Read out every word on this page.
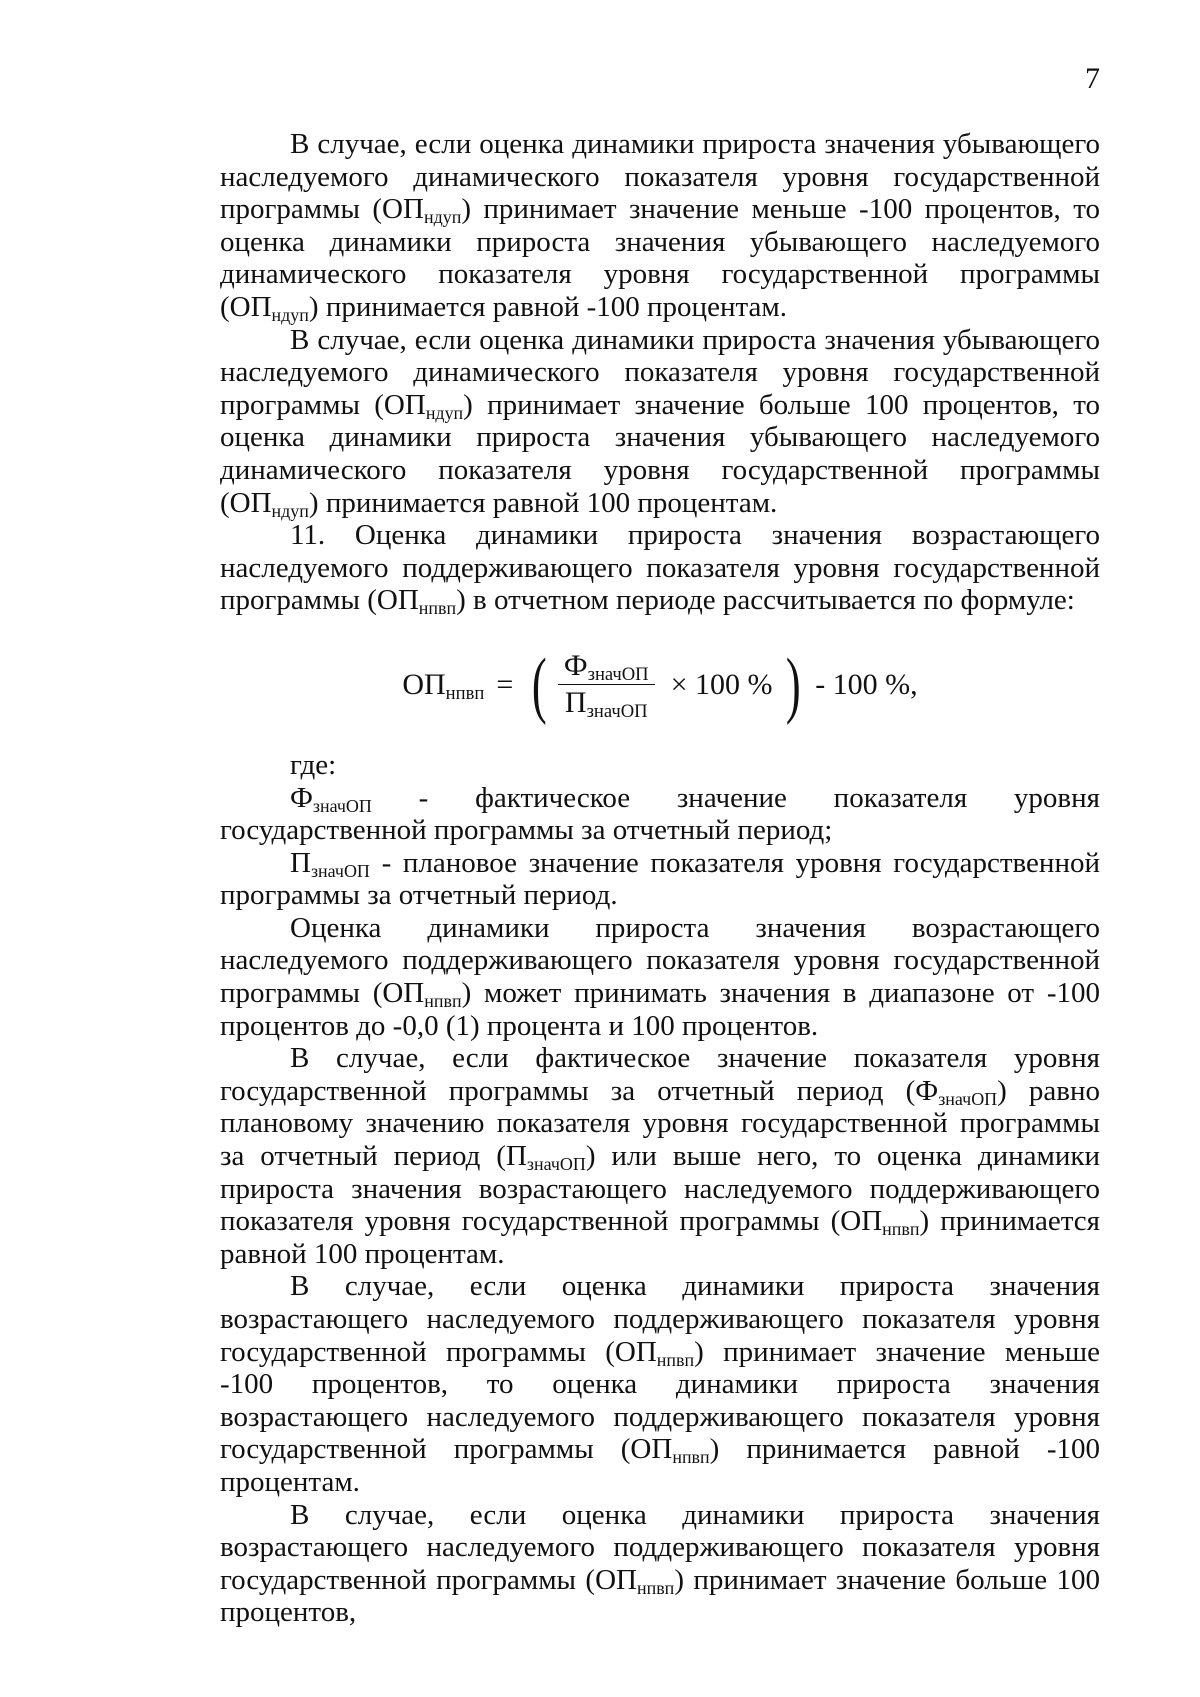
7

В случае, если оценка динамики прироста значения убывающего наследуемого динамического показателя уровня государственной программы $(ОП_{ндуп})$ принимает значение меньше -100 процентов, то оценка динамики прироста значения убывающего наследуемого динамического показателя уровня государственной программы $(ОП_{ндуп})$ принимается равной -100 процентам.

В случае, если оценка динамики прироста значения убывающего наследуемого динамического показателя уровня государственной программы $(ОП_{ндуп})$ принимает значение больше 100 процентов, то оценка динамики прироста значения убывающего наследуемого динамического показателя уровня государственной программы $(ОП_{ндуп})$ принимается равной 100 процентам.

11. Оценка динамики прироста значения возрастающего наследуемого поддерживающего показателя уровня государственной программы $(ОП_{нпвп})$ в отчетном периоде рассчитывается по формуле:

$ОП_{нпвп}$ = ( $\frac{Ф_{значОП}}{П_{значОП}} \times 100$ % ) - 100 %,

где:

$Ф_{значОП}$ - фактическое значение показателя уровня государственной программы за отчетный период;

$П_{значОП}$ - плановое значение показателя уровня государственной программы за отчетный период.

Оценка динамики прироста значения возрастающего наследуемого поддерживающего показателя уровня государственной программы $(ОП_{нпвп})$ может принимать значения в диапазоне от -100 процентов до -0,0 (1) процента и 100 процентов.

В случае, если фактическое значение показателя уровня государственной программы за отчетный период $(Ф_{значОП})$ равно плановому значению показателя уровня государственной программы за отчетный период $(П_{значОП})$ или выше него, то оценка динамики прироста значения возрастающего наследуемого поддерживающего показателя уровня государственной программы $(ОП_{нпвп})$ принимается равной 100 процентам.

В случае, если оценка динамики прироста значения возрастающего наследуемого поддерживающего показателя уровня государственной программы $(ОП_{нпвп})$ принимает значение меньше -100 процентов, то оценка динамики прироста значения возрастающего наследуемого поддерживающего показателя уровня государственной программы $(ОП_{нпвп})$ принимается равной -100 процентам.

В случае, если оценка динамики прироста значения возрастающего наследуемого поддерживающего показателя уровня государственной программы $(ОП_{нпвп})$ принимает значение больше 100 процентов,
